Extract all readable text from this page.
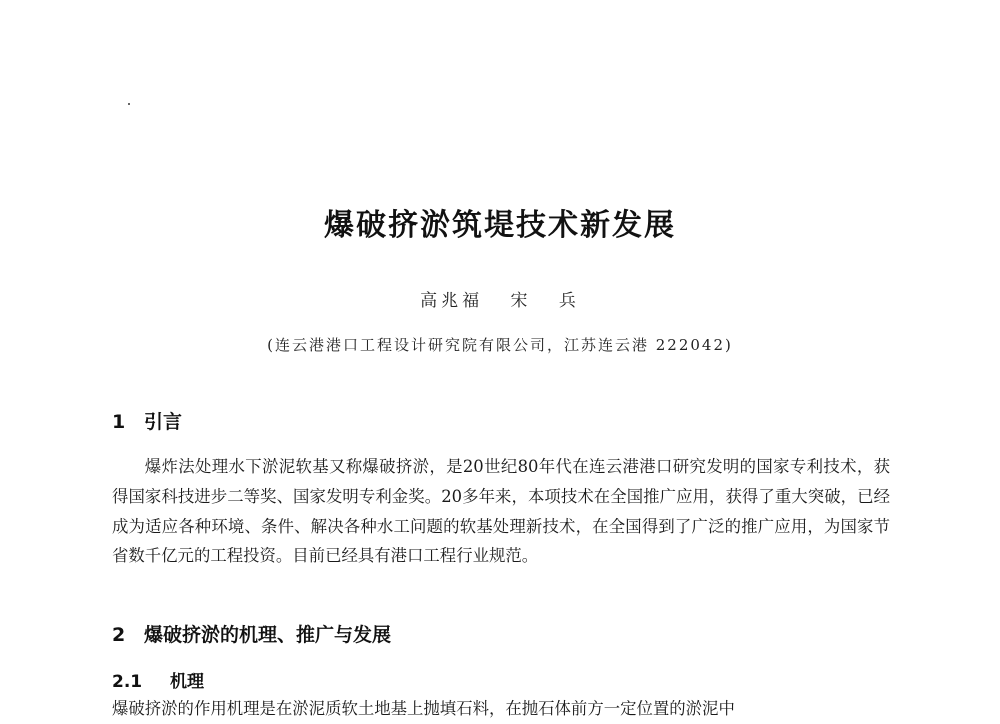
爆破挤淤筑堤技术新发展
高兆福 宋 兵
(连云港港口工程设计研究院有限公司，江苏连云港 222042)
1 引言

爆炸法处理水下淤泥软基又称爆破挤淤，是20世纪80年代在连云港港口研究发明的国家专利技术，获得国家科技进步二等奖、国家发明专利金奖。20多年来，本项技术在全国推广应用，获得了重大突破，已经成为适应各种环境、条件、解决各种水工问题的软基处理新技术，在全国得到了广泛的推广应用，为国家节省数千亿元的工程投资。目前已经具有港口工程行业规范。

2 爆破挤淤的机理、推广与发展
2.1 机理

爆破挤淤的作用机理是在淤泥质软土地基上抛填石料，在抛石体前方一定位置的淤泥中
